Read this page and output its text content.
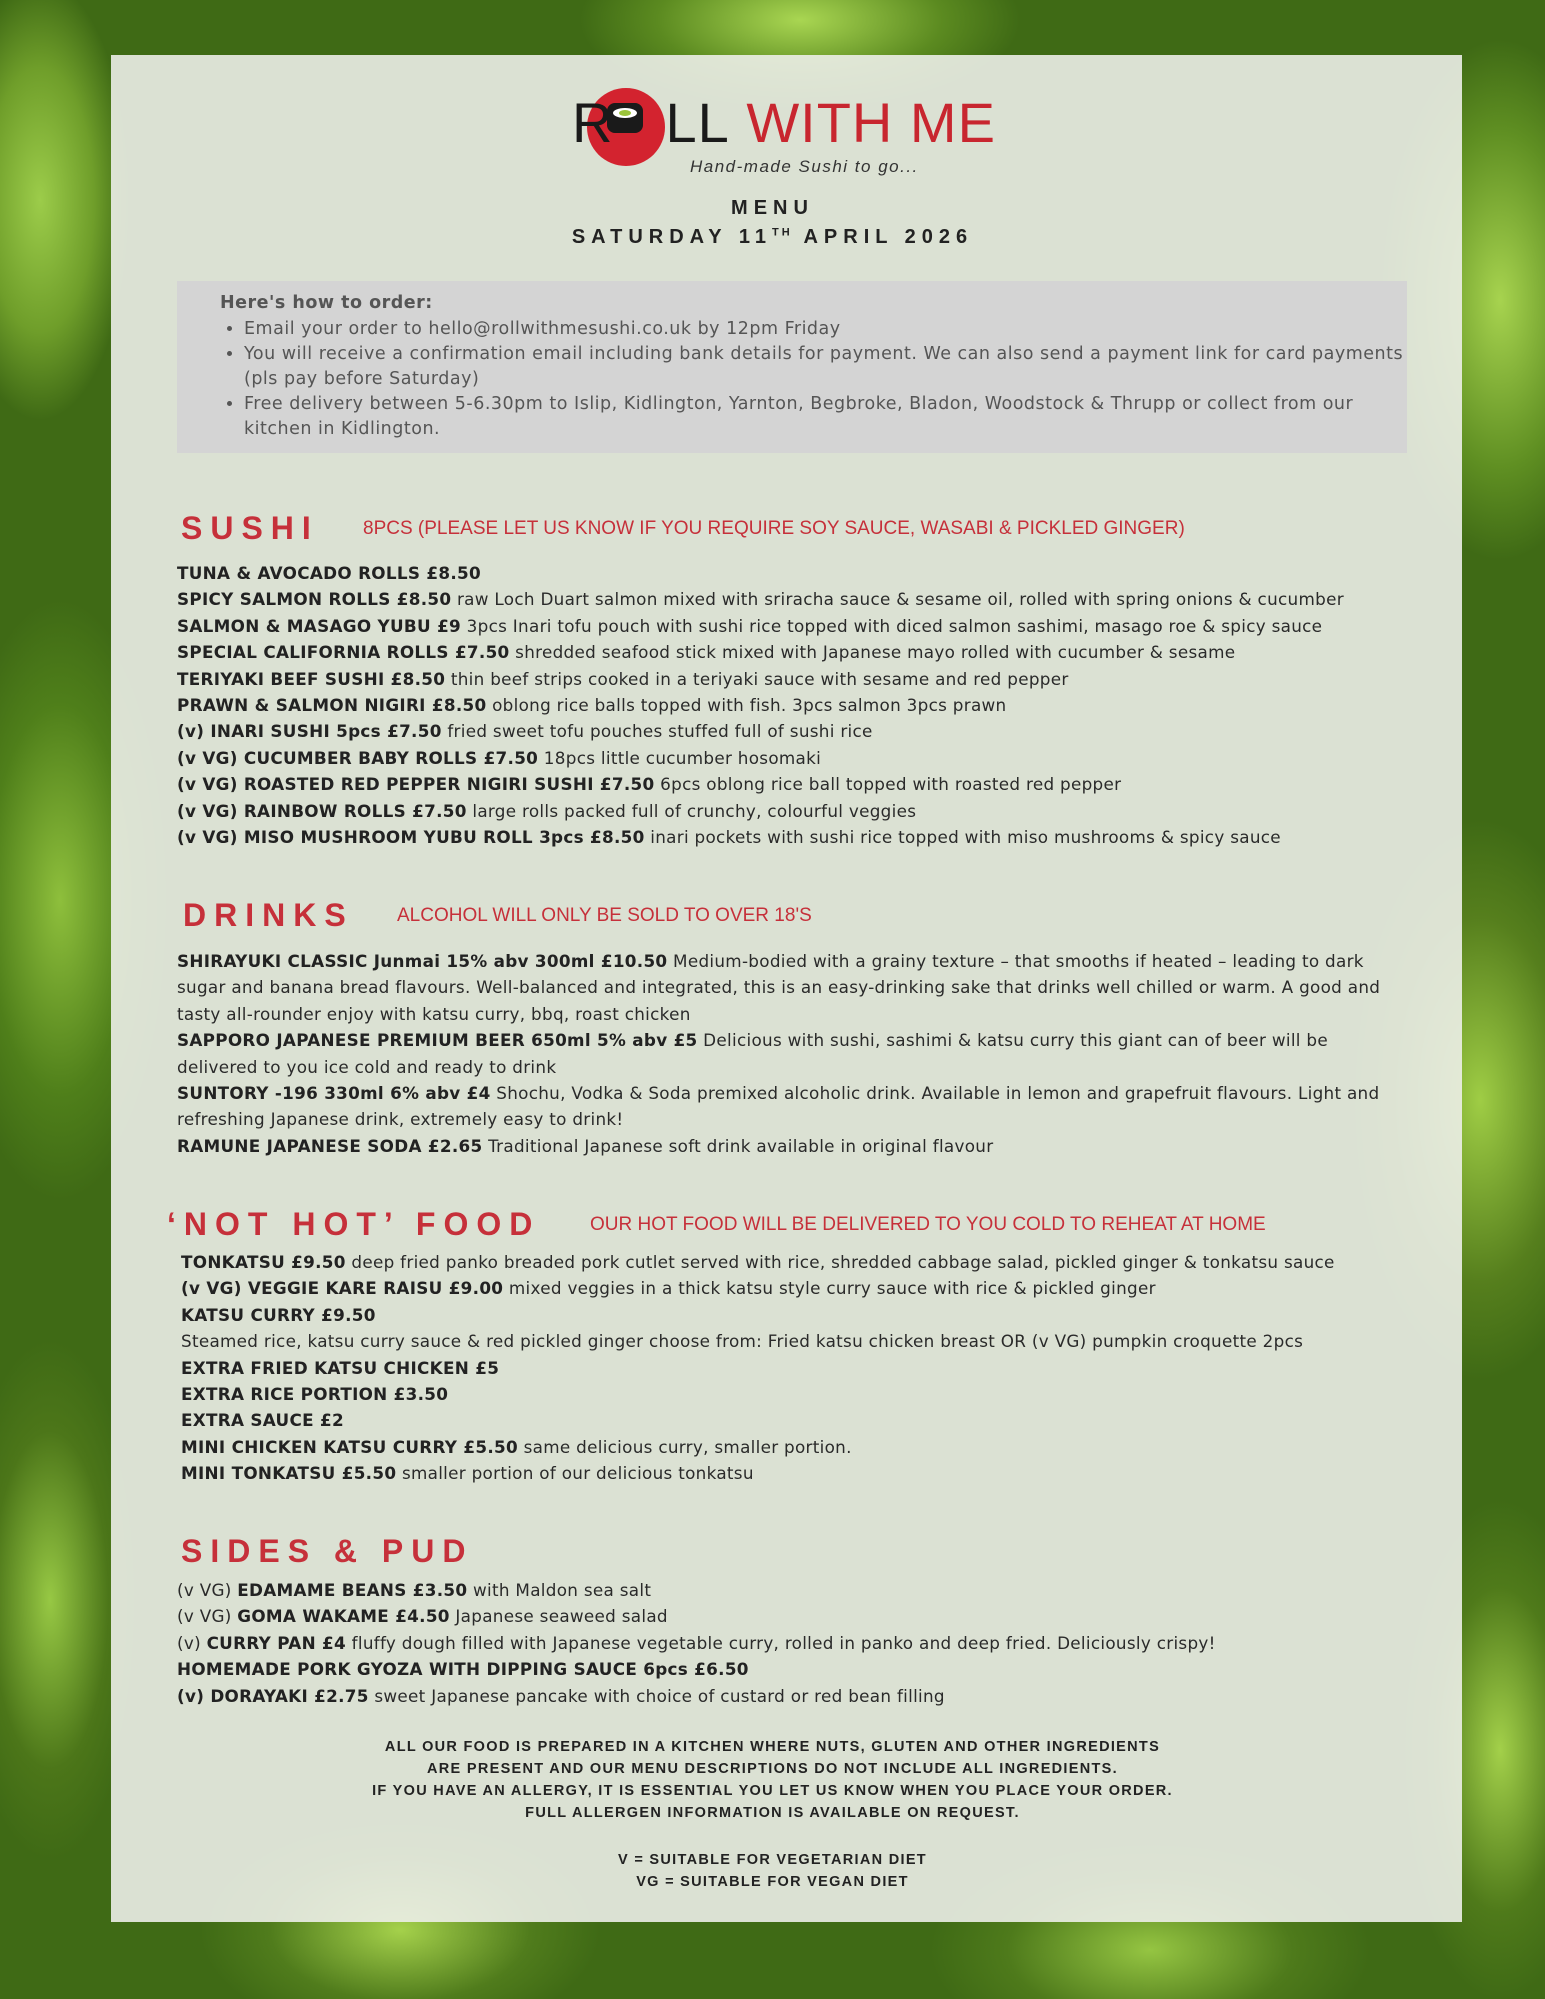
R LL WITH ME
Hand-made Sushi to go...
MENU
SATURDAY 11TH APRIL 2026
Here's how to order:
• Email your order to hello@rollwithmesushi.co.uk by 12pm Friday
• You will receive a confirmation email including bank details for payment. We can also send a payment link for card payments (pls pay before Saturday)
• Free delivery between 5-6.30pm to Islip, Kidlington, Yarnton, Begbroke, Bladon, Woodstock & Thrupp or collect from our kitchen in Kidlington.
SUSHI 8PCS (PLEASE LET US KNOW IF YOU REQUIRE SOY SAUCE, WASABI & PICKLED GINGER)
TUNA & AVOCADO ROLLS £8.50
SPICY SALMON ROLLS £8.50 raw Loch Duart salmon mixed with sriracha sauce & sesame oil, rolled with spring onions & cucumber
SALMON & MASAGO YUBU £9 3pcs Inari tofu pouch with sushi rice topped with diced salmon sashimi, masago roe & spicy sauce
SPECIAL CALIFORNIA ROLLS £7.50 shredded seafood stick mixed with Japanese mayo rolled with cucumber & sesame
TERIYAKI BEEF SUSHI £8.50 thin beef strips cooked in a teriyaki sauce with sesame and red pepper
PRAWN & SALMON NIGIRI £8.50 oblong rice balls topped with fish. 3pcs salmon 3pcs prawn
(v) INARI SUSHI 5pcs £7.50 fried sweet tofu pouches stuffed full of sushi rice
(v VG) CUCUMBER BABY ROLLS £7.50 18pcs little cucumber hosomaki
(v VG) ROASTED RED PEPPER NIGIRI SUSHI £7.50 6pcs oblong rice ball topped with roasted red pepper
(v VG) RAINBOW ROLLS £7.50 large rolls packed full of crunchy, colourful veggies
(v VG) MISO MUSHROOM YUBU ROLL 3pcs £8.50 inari pockets with sushi rice topped with miso mushrooms & spicy sauce
DRINKS ALCOHOL WILL ONLY BE SOLD TO OVER 18'S
SHIRAYUKI CLASSIC Junmai 15% abv 300ml £10.50 Medium-bodied with a grainy texture – that smooths if heated – leading to dark sugar and banana bread flavours. Well-balanced and integrated, this is an easy-drinking sake that drinks well chilled or warm. A good and tasty all-rounder enjoy with katsu curry, bbq, roast chicken
SAPPORO JAPANESE PREMIUM BEER 650ml 5% abv £5 Delicious with sushi, sashimi & katsu curry this giant can of beer will be delivered to you ice cold and ready to drink
SUNTORY -196 330ml 6% abv £4 Shochu, Vodka & Soda premixed alcoholic drink. Available in lemon and grapefruit flavours. Light and refreshing Japanese drink, extremely easy to drink!
RAMUNE JAPANESE SODA £2.65 Traditional Japanese soft drink available in original flavour
‘NOT HOT’ FOOD	OUR HOT FOOD WILL BE DELIVERED TO YOU COLD TO REHEAT AT HOME
TONKATSU £9.50 deep fried panko breaded pork cutlet served with rice, shredded cabbage salad, pickled ginger & tonkatsu sauce
(v VG) VEGGIE KARE RAISU £9.00 mixed veggies in a thick katsu style curry sauce with rice & pickled ginger
KATSU CURRY £9.50
Steamed rice, katsu curry sauce & red pickled ginger choose from: Fried katsu chicken breast OR (v VG) pumpkin croquette 2pcs
EXTRA FRIED KATSU CHICKEN £5
EXTRA RICE PORTION £3.50
EXTRA SAUCE £2
MINI CHICKEN KATSU CURRY £5.50 same delicious curry, smaller portion.
MINI TONKATSU £5.50 smaller portion of our delicious tonkatsu
SIDES & PUD
(v VG) EDAMAME BEANS £3.50 with Maldon sea salt
(v VG) GOMA WAKAME £4.50 Japanese seaweed salad
(v) CURRY PAN £4 fluffy dough filled with Japanese vegetable curry, rolled in panko and deep fried. Deliciously crispy!
HOMEMADE PORK GYOZA WITH DIPPING SAUCE 6pcs £6.50
(v) DORAYAKI £2.75 sweet Japanese pancake with choice of custard or red bean filling
ALL OUR FOOD IS PREPARED IN A KITCHEN WHERE NUTS, GLUTEN AND OTHER INGREDIENTS
ARE PRESENT AND OUR MENU DESCRIPTIONS DO NOT INCLUDE ALL INGREDIENTS.
IF YOU HAVE AN ALLERGY, IT IS ESSENTIAL YOU LET US KNOW WHEN YOU PLACE YOUR ORDER.
FULL ALLERGEN INFORMATION IS AVAILABLE ON REQUEST.
V = SUITABLE FOR VEGETARIAN DIET
VG = SUITABLE FOR VEGAN DIET
